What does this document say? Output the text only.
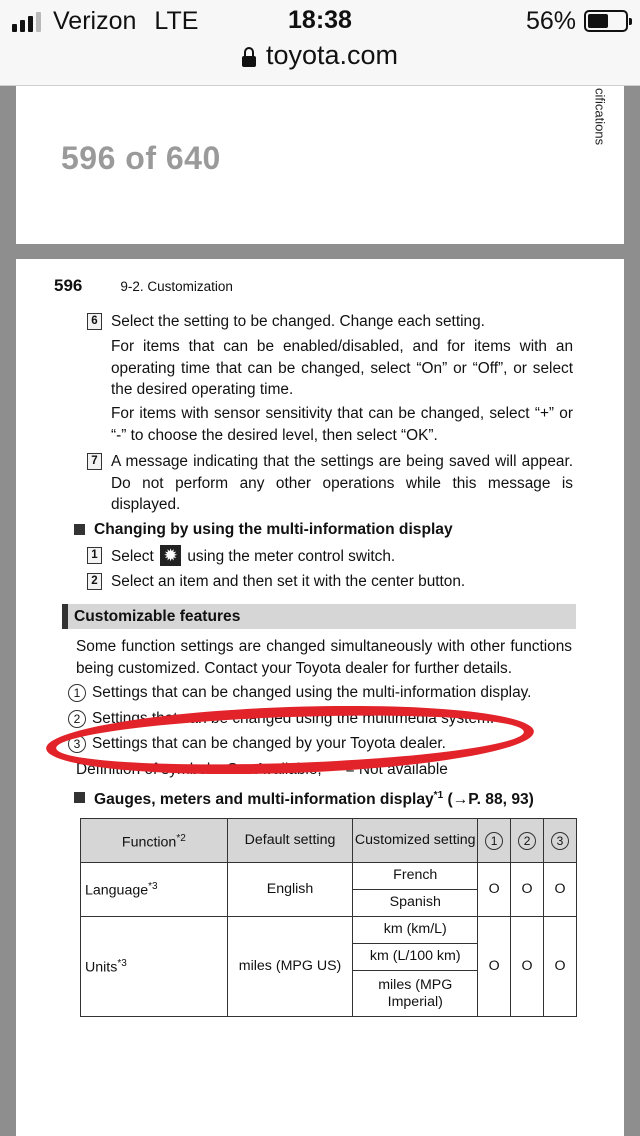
Verizon LTE	18:38	56%
toyota.com
cifications
596 of 640
596	9-2. Customization
6 Select the setting to be changed. Change each setting.
For items that can be enabled/disabled, and for items with an operating time that can be changed, select “On” or “Off”, or select the desired operating time.
For items with sensor sensitivity that can be changed, select “+” or “-” to choose the desired level, then select “OK”.
7 A message indicating that the settings are being saved will appear. Do not perform any other operations while this message is displayed.
Changing by using the multi-information display
1 Select ✹ using the meter control switch.
2 Select an item and then set it with the center button.
Customizable features
Some function settings are changed simultaneously with other functions being customized. Contact your Toyota dealer for further details.
1 Settings that can be changed using the multi-information display.
2 Settings that can be changed using the multimedia system.
3 Settings that can be changed by your Toyota dealer.
Definition of symbols: O = Available, — = Not available
Gauges, meters and multi-information display$^{*1}$ (→P. 88, 93)
Function$^{*2}$	Default setting	Customized setting	1	2	3
Language$^{*3}$	English	French	O	O	O
		Spanish			
Units$^{*3}$	miles (MPG US)	km (km/L)	O	O	O
		km (L/100 km)			
		miles (MPG Imperial)			
